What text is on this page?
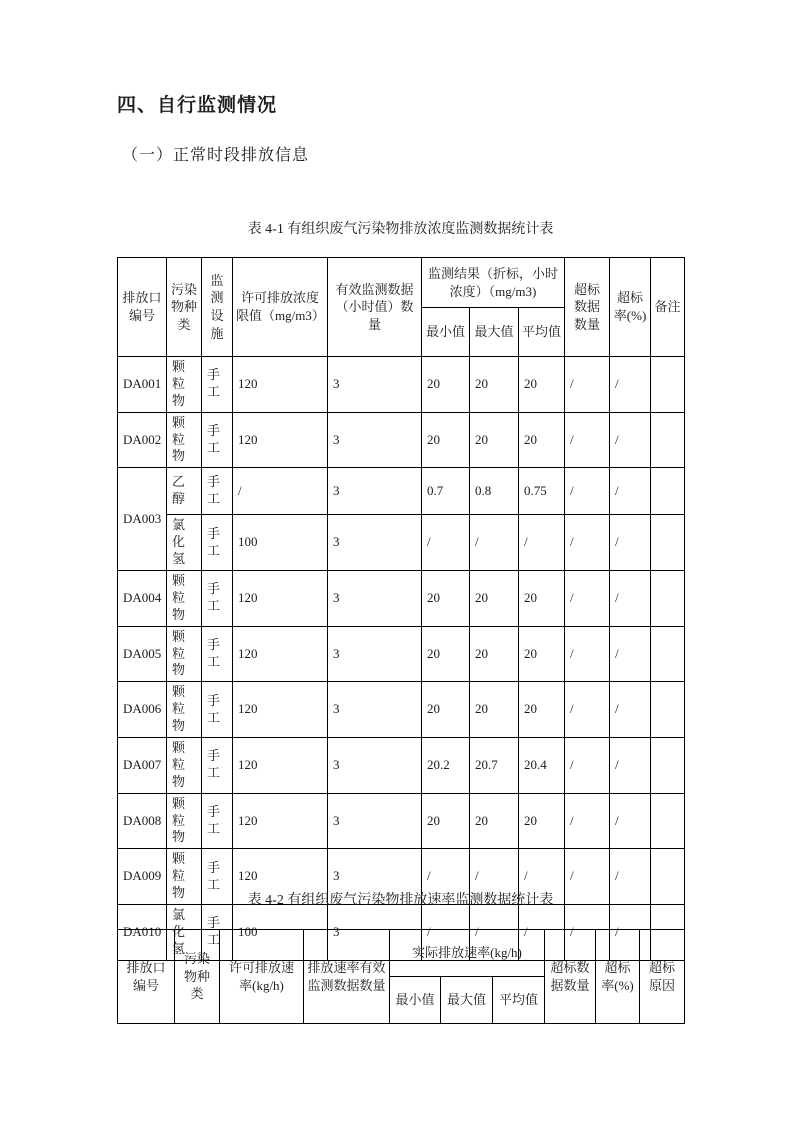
四、自行监测情况
（一）正常时段排放信息
表 4-1 有组织废气污染物排放浓度监测数据统计表
排放口编号	污染物种类	监测设施	许可排放浓度限值（mg/m3）	有效监测数据（小时值）数量	监测结果（折标，小时浓度）（mg/m3)			超标数据数量	超标率(%)	备注
					最小值	最大值	平均值			
DA001	颗粒物	手工	120	3	20	20	20	/	/	
DA002	颗粒物	手工	120	3	20	20	20	/	/	
DA003	乙醇	手工	/	3	0.7	0.8	0.75	/	/	
	氯化氢	手工	100	3	/	/	/	/	/	
DA004	颗粒物	手工	120	3	20	20	20	/	/	
DA005	颗粒物	手工	120	3	20	20	20	/	/	
DA006	颗粒物	手工	120	3	20	20	20	/	/	
DA007	颗粒物	手工	120	3	20.2	20.7	20.4	/	/	
DA008	颗粒物	手工	120	3	20	20	20	/	/	
DA009	颗粒物	手工	120	3	/	/	/	/	/	
DA010	氯化氢	手工	100	3	/	/	/	/	/	
表 4-2 有组织废气污染物排放速率监测数据统计表
排放口编号	污染物种类	许可排放速率(kg/h)	排放速率有效监测数据数量	实际排放速率(kg/h)			超标数据数量	超标率(%)	超标原因
				最小值	最大值	平均值			
